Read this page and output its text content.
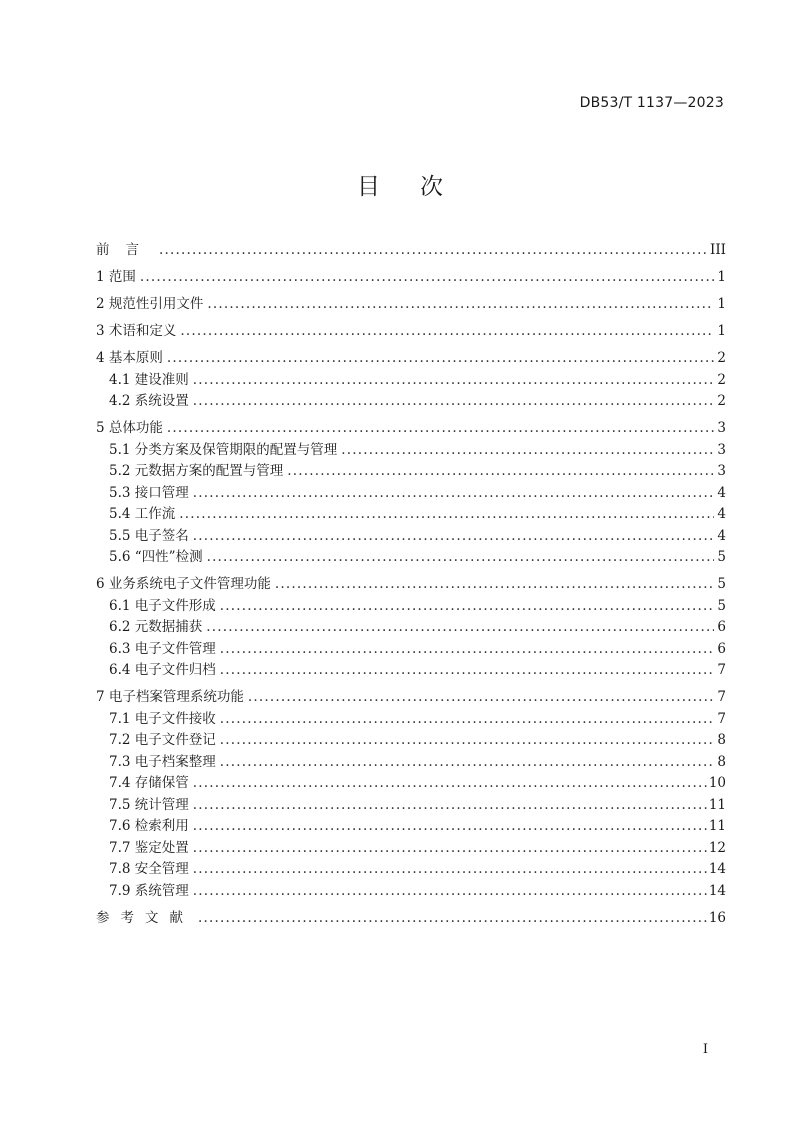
DB53/T 1137—2023
目次
前言 .....	III
1 范围 .....	1
2 规范性引用文件 .....	1
3 术语和定义 .....	1
4 基本原则 .....	2
4.1 建设准则 .....	2
4.2 系统设置 .....	2
5 总体功能 .....	3
5.1 分类方案及保管期限的配置与管理 .....	3
5.2 元数据方案的配置与管理 .....	3
5.3 接口管理 .....	4
5.4 工作流 .....	4
5.5 电子签名 .....	4
5.6 “四性”检测 .....	5
6 业务系统电子文件管理功能 .....	5
6.1 电子文件形成 .....	5
6.2 元数据捕获 .....	6
6.3 电子文件管理 .....	6
6.4 电子文件归档 .....	7
7 电子档案管理系统功能 .....	7
7.1 电子文件接收 .....	7
7.2 电子文件登记 .....	8
7.3 电子档案整理 .....	8
7.4 存储保管 .....	10
7.5 统计管理 .....	11
7.6 检索利用 .....	11
7.7 鉴定处置 .....	12
7.8 安全管理 .....	14
7.9 系统管理 .....	14
参考文献 .....	16
I
